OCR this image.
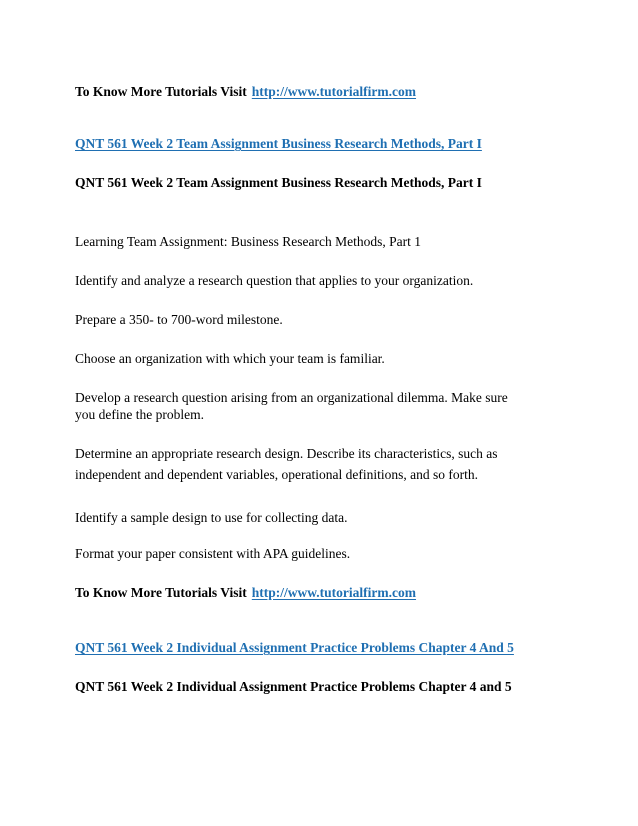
To Know More Tutorials Visit http://www.tutorialfirm.com
QNT 561 Week 2 Team Assignment Business Research Methods, Part I
QNT 561 Week 2 Team Assignment Business Research Methods, Part I
Learning Team Assignment: Business Research Methods, Part 1
Identify and analyze a research question that applies to your organization.
Prepare a 350- to 700-word milestone.
Choose an organization with which your team is familiar.
Develop a research question arising from an organizational dilemma. Make sure
you define the problem.
Determine an appropriate research design. Describe its characteristics, such as
independent and dependent variables, operational definitions, and so forth.
Identify a sample design to use for collecting data.
Format your paper consistent with APA guidelines.
To Know More Tutorials Visit http://www.tutorialfirm.com
QNT 561 Week 2 Individual Assignment Practice Problems Chapter 4 And 5
QNT 561 Week 2 Individual Assignment Practice Problems Chapter 4 and 5
